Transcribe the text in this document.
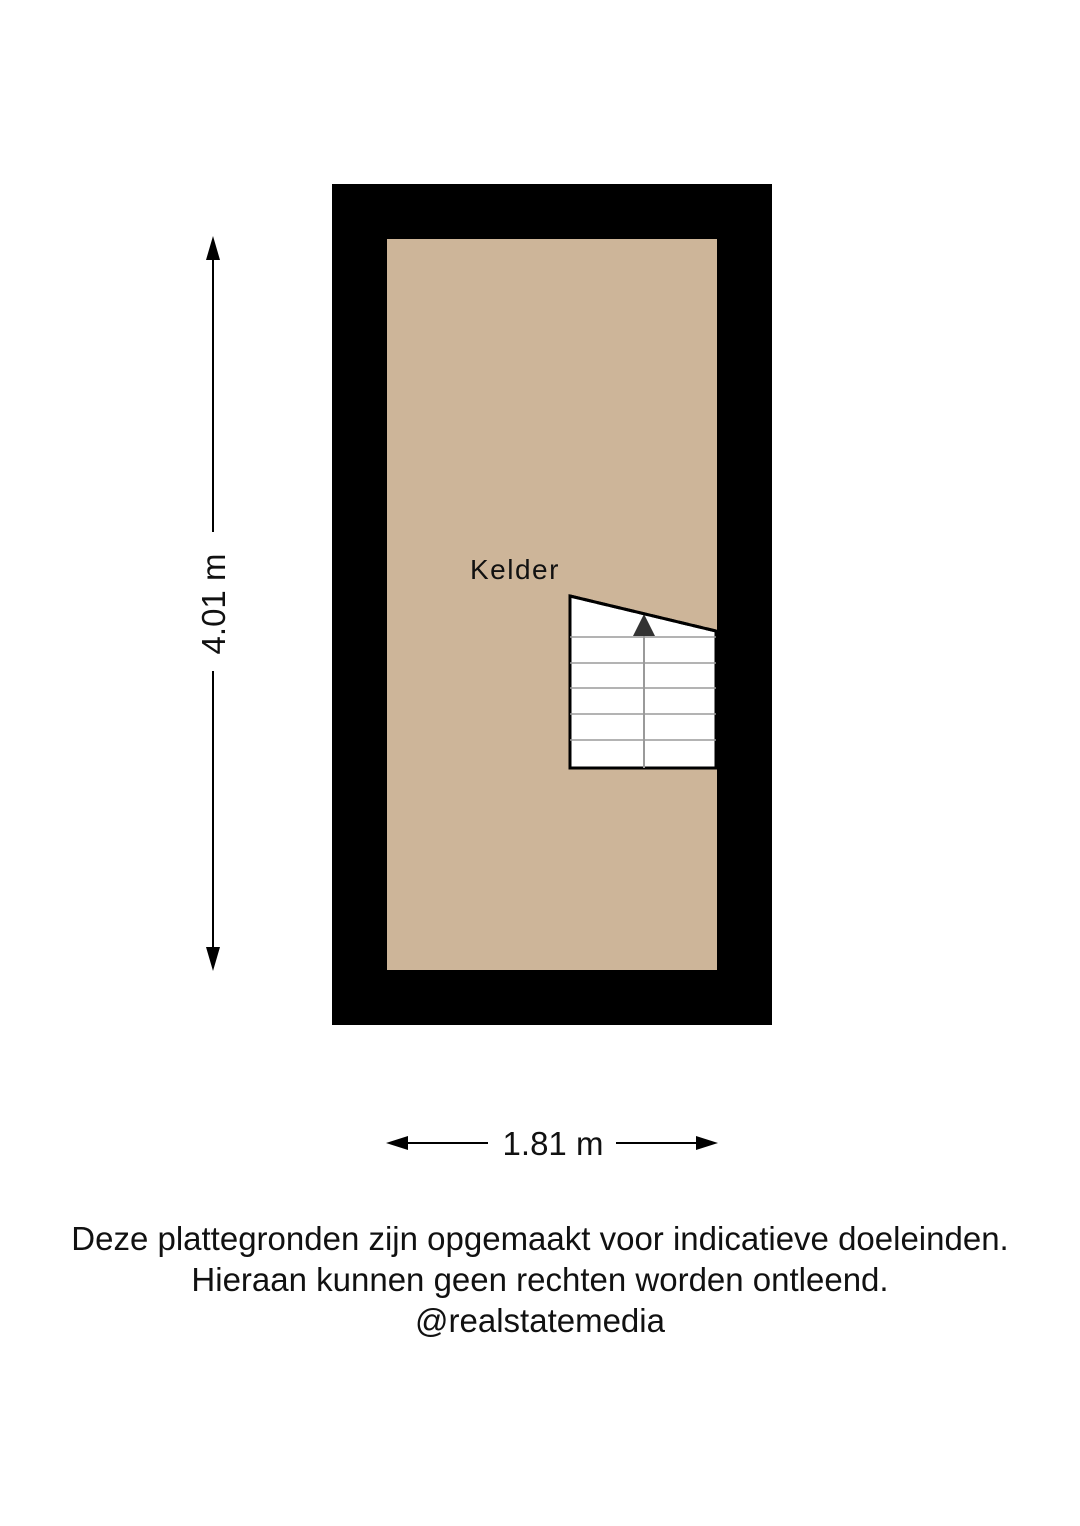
Kelder
4.01 m
1.81 m
Deze plattegronden zijn opgemaakt voor indicatieve doeleinden.
Hieraan kunnen geen rechten worden ontleend.
@realstatemedia
